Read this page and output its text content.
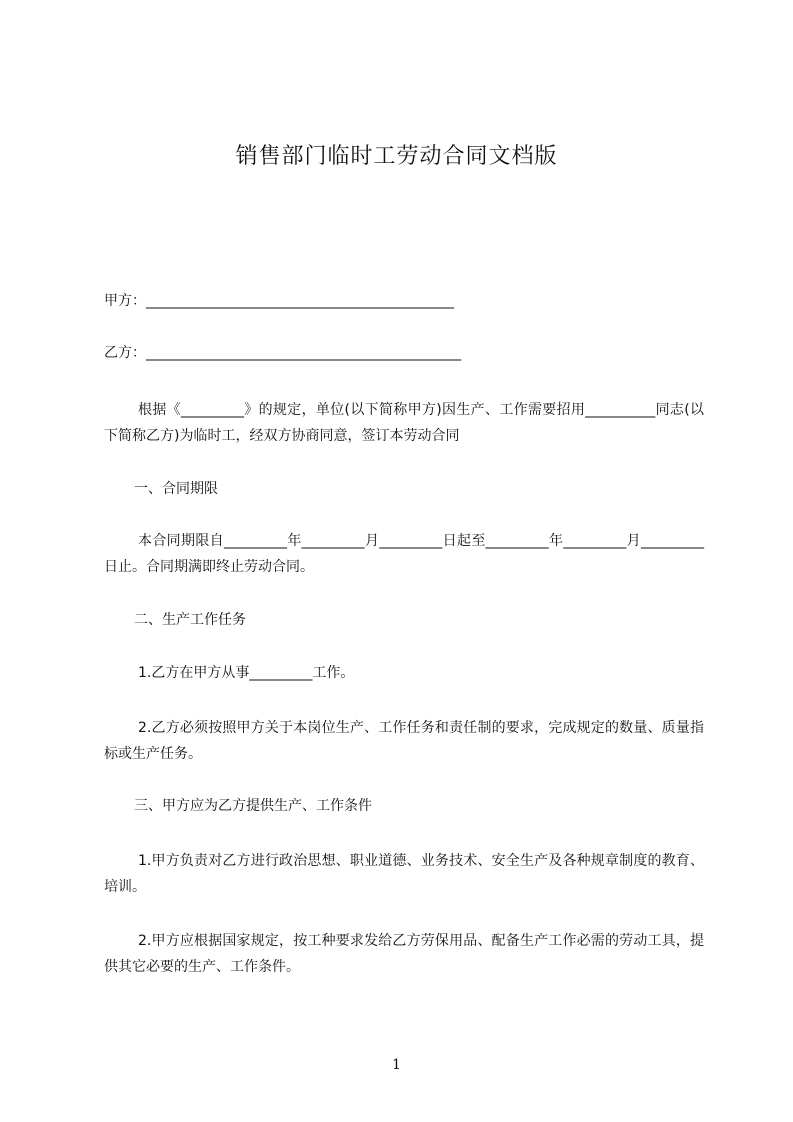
销售部门临时工劳动合同文档版
甲方：____________________________________________
乙方：_____________________________________________
根据《_________》的规定，单位(以下简称甲方)因生产、工作需要招用__________同志(以下简称乙方)为临时工，经双方协商同意，签订本劳动合同
一、合同期限
本合同期限自_________年_________月_________日起至_________年_________月_________日止。合同期满即终止劳动合同。
二、生产工作任务
1.乙方在甲方从事_________工作。
2.乙方必须按照甲方关于本岗位生产、工作任务和责任制的要求，完成规定的数量、质量指标或生产任务。
三、甲方应为乙方提供生产、工作条件
1.甲方负责对乙方进行政治思想、职业道德、业务技术、安全生产及各种规章制度的教育、培训。
2.甲方应根据国家规定，按工种要求发给乙方劳保用品、配备生产工作必需的劳动工具，提供其它必要的生产、工作条件。
1
